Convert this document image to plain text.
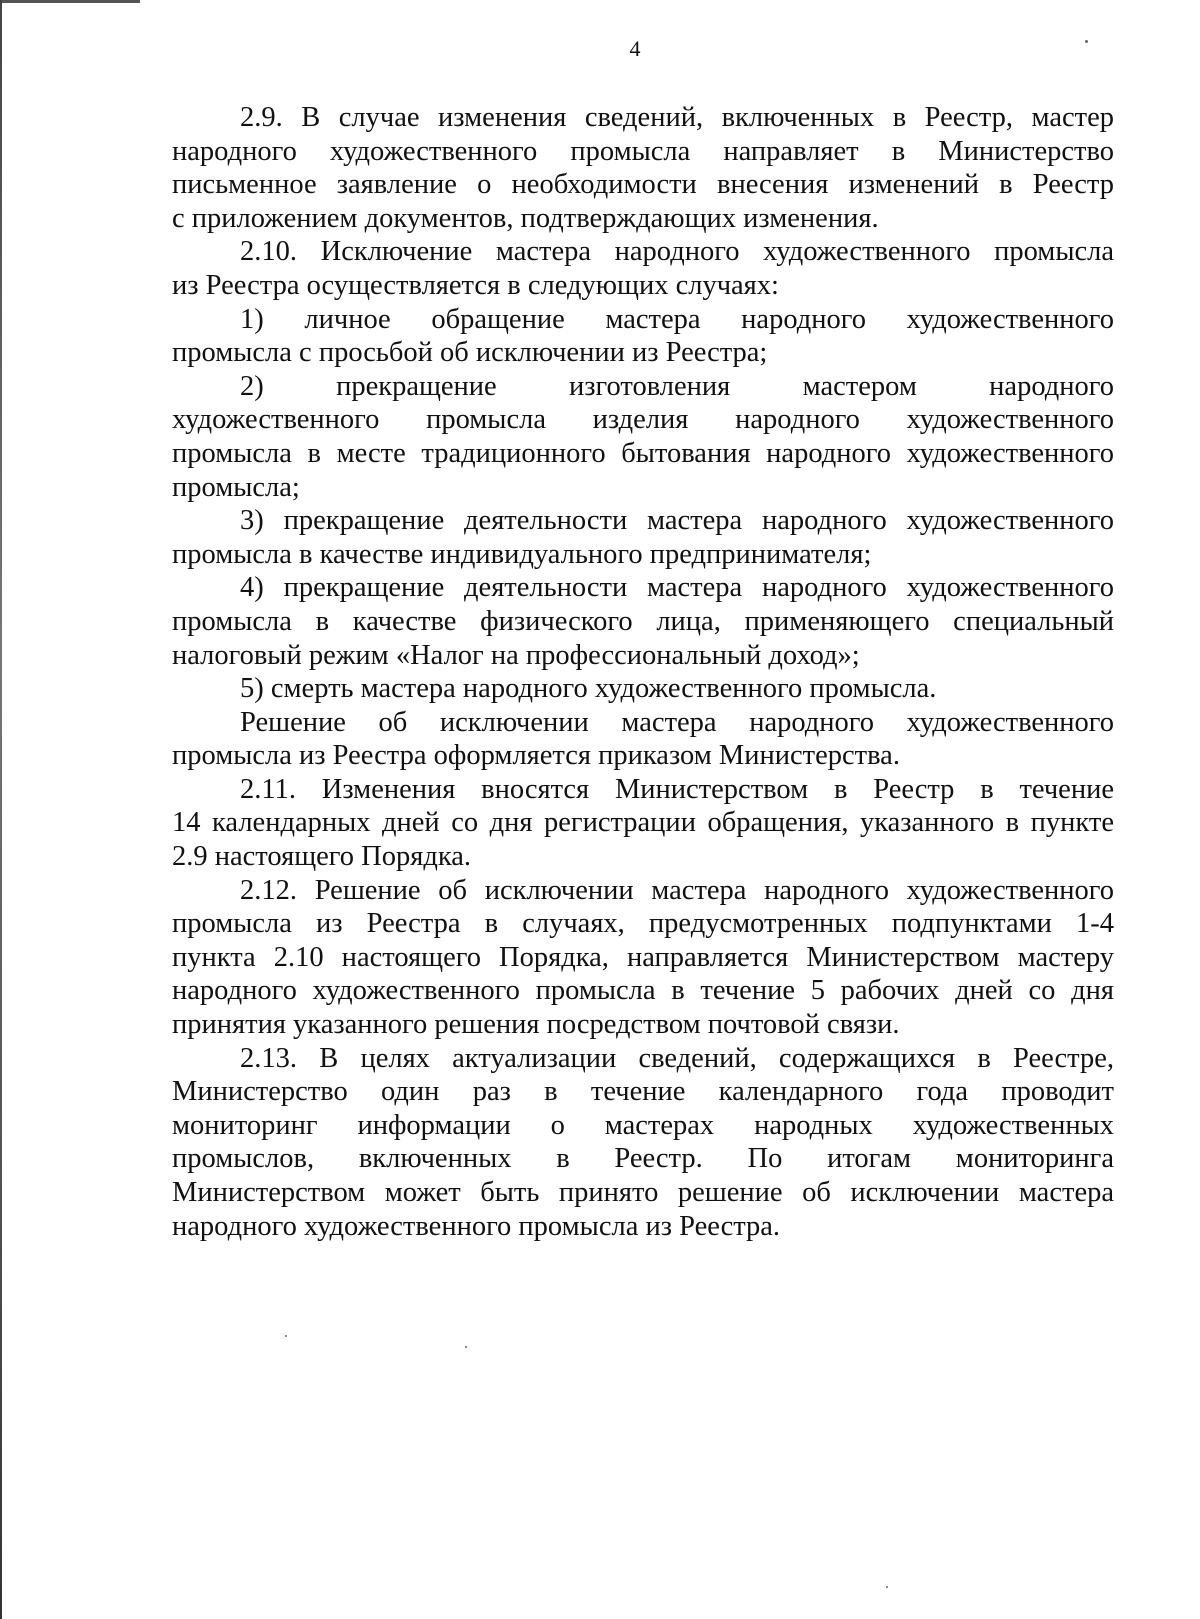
4

2.9. В случае изменения сведений, включенных в Реестр, мастер
народного художественного промысла направляет в Министерство
письменное заявление о необходимости внесения изменений в Реестр
с приложением документов, подтверждающих изменения.

2.10. Исключение мастера народного художественного промысла
из Реестра осуществляется в следующих случаях:

1) личное обращение мастера народного художественного
промысла с просьбой об исключении из Реестра;

2) прекращение изготовления мастером народного
художественного промысла изделия народного художественного
промысла в месте традиционного бытования народного художественного
промысла;

3) прекращение деятельности мастера народного художественного
промысла в качестве индивидуального предпринимателя;

4) прекращение деятельности мастера народного художественного
промысла в качестве физического лица, применяющего специальный
налоговый режим «Налог на профессиональный доход»;

5) смерть мастера народного художественного промысла.

Решение об исключении мастера народного художественного
промысла из Реестра оформляется приказом Министерства.

2.11. Изменения вносятся Министерством в Реестр в течение
14 календарных дней со дня регистрации обращения, указанного в пункте
2.9 настоящего Порядка.

2.12. Решение об исключении мастера народного художественного
промысла из Реестра в случаях, предусмотренных подпунктами 1-4
пункта 2.10 настоящего Порядка, направляется Министерством мастеру
народного художественного промысла в течение 5 рабочих дней со дня
принятия указанного решения посредством почтовой связи.

2.13. В целях актуализации сведений, содержащихся в Реестре,
Министерство один раз в течение календарного года проводит
мониторинг информации о мастерах народных художественных
промыслов, включенных в Реестр. По итогам мониторинга
Министерством может быть принято решение об исключении мастера
народного художественного промысла из Реестра.
